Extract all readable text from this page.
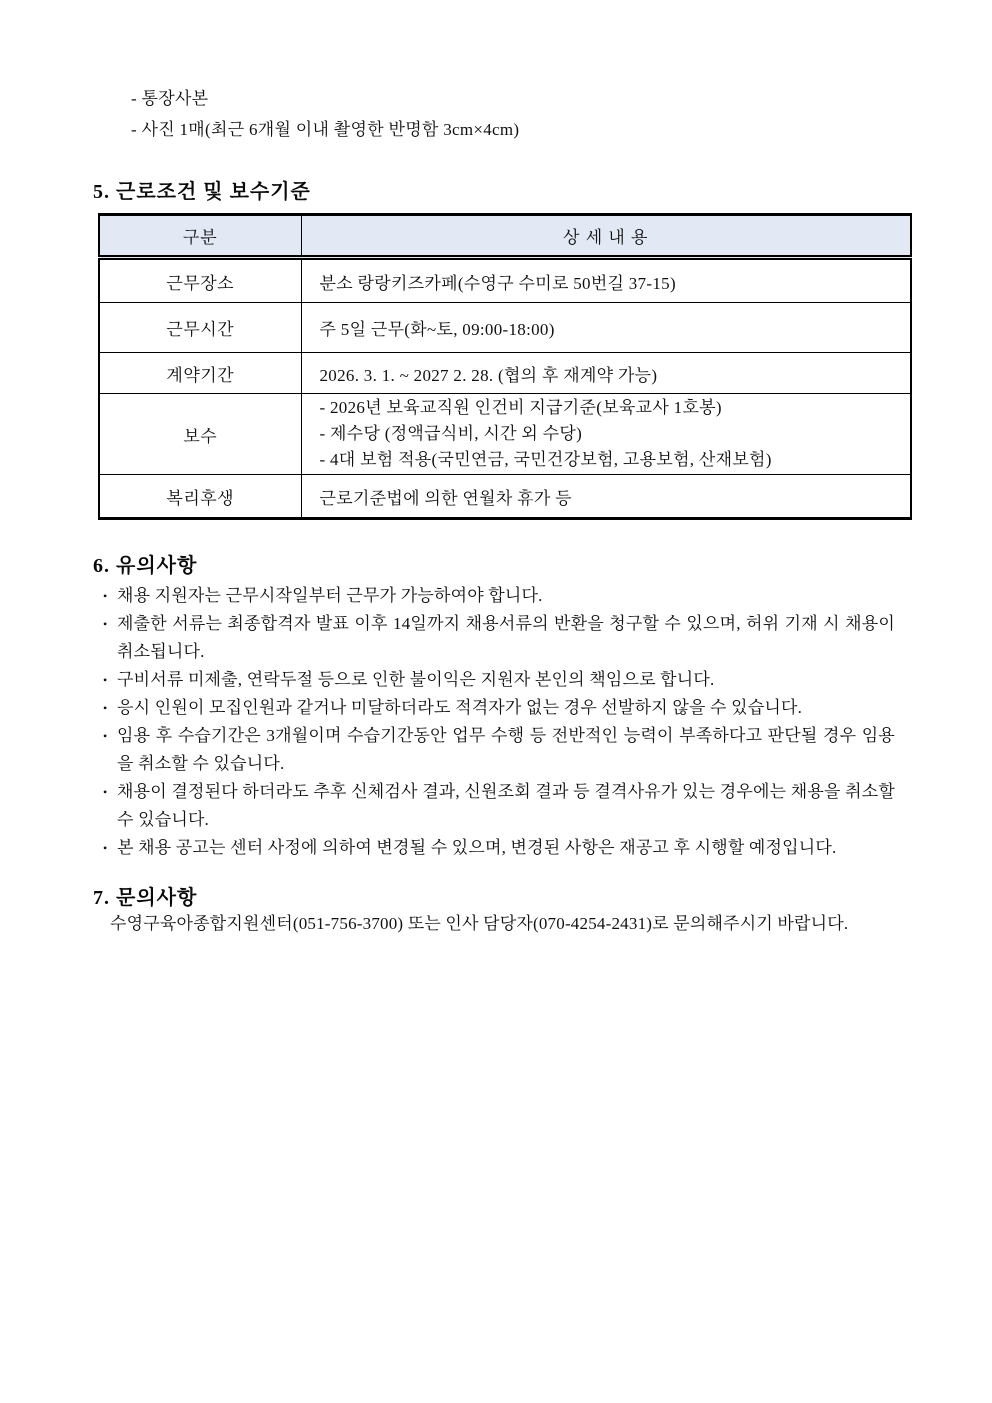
- 통장사본
- 사진 1매(최근 6개월 이내 촬영한 반명함 3cm×4cm)
5. 근로조건 및 보수기준
구분	상 세 내 용
근무장소	분소 랑랑키즈카페(수영구 수미로 50번길 37-15)
근무시간	주 5일 근무(화~토, 09:00-18:00)
계약기간	2026. 3. 1. ~ 2027 2. 28. (협의 후 재계약 가능)
보수	- 2026년 보육교직원 인건비 지급기준(보육교사 1호봉)
- 제수당 (정액급식비, 시간 외 수당)
- 4대 보험 적용(국민연금, 국민건강보험, 고용보험, 산재보험)

복리후생	근로기준법에 의한 연월차 휴가 등
6. 유의사항
• 채용 지원자는 근무시작일부터 근무가 가능하여야 합니다.
• 제출한 서류는 최종합격자 발표 이후 14일까지 채용서류의 반환을 청구할 수 있으며, 허위 기재 시 채용이 취소됩니다.
• 구비서류 미제출, 연락두절 등으로 인한 불이익은 지원자 본인의 책임으로 합니다.
• 응시 인원이 모집인원과 같거나 미달하더라도 적격자가 없는 경우 선발하지 않을 수 있습니다.
• 임용 후 수습기간은 3개월이며 수습기간동안 업무 수행 등 전반적인 능력이 부족하다고 판단될 경우 임용을 취소할 수 있습니다.
• 채용이 결정된다 하더라도 추후 신체검사 결과, 신원조회 결과 등 결격사유가 있는 경우에는 채용을 취소할 수 있습니다.
• 본 채용 공고는 센터 사정에 의하여 변경될 수 있으며, 변경된 사항은 재공고 후 시행할 예정입니다.
7. 문의사항
수영구육아종합지원센터(051-756-3700) 또는 인사 담당자(070-4254-2431)로 문의해주시기 바랍니다.
